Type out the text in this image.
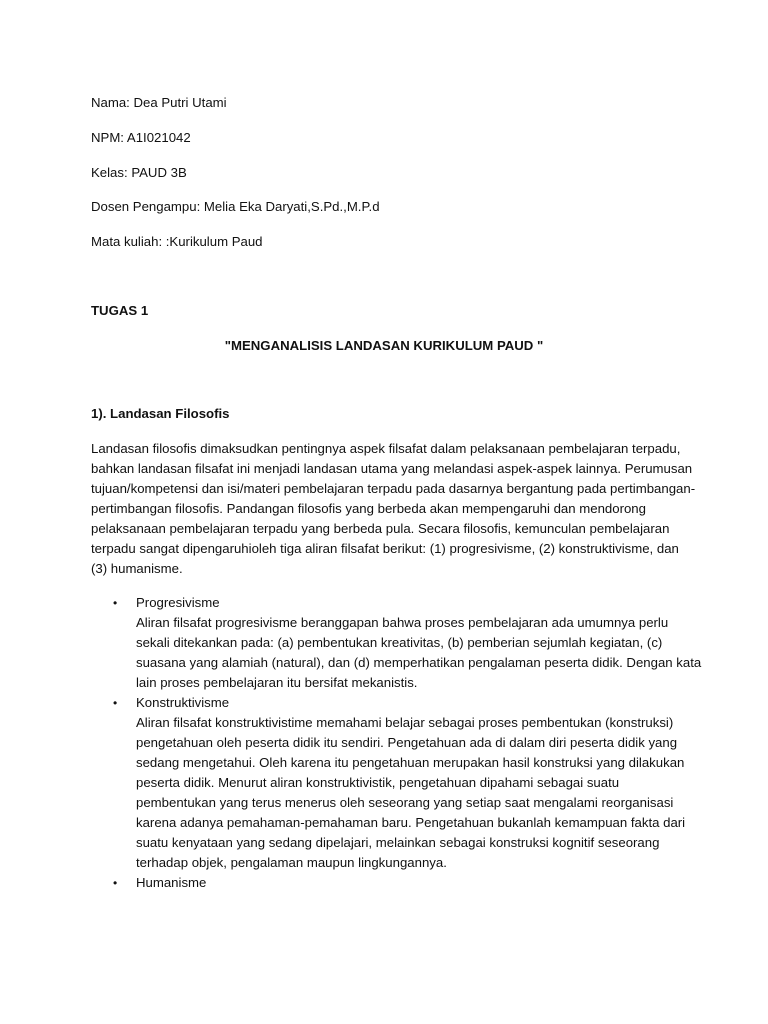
Nama: Dea Putri Utami
NPM: A1I021042
Kelas: PAUD 3B
Dosen Pengampu: Melia Eka Daryati,S.Pd.,M.P.d
Mata kuliah: :Kurikulum Paud
TUGAS 1
"MENGANALISIS LANDASAN KURIKULUM PAUD "
1). Landasan Filosofis
Landasan filosofis dimaksudkan pentingnya aspek filsafat dalam pelaksanaan pembelajaran terpadu,
bahkan landasan filsafat ini menjadi landasan utama yang melandasi aspek-aspek lainnya. Perumusan
tujuan/kompetensi dan isi/materi pembelajaran terpadu pada dasarnya bergantung pada pertimbangan-
pertimbangan filosofis. Pandangan filosofis yang berbeda akan mempengaruhi dan mendorong
pelaksanaan pembelajaran terpadu yang berbeda pula. Secara filosofis, kemunculan pembelajaran
terpadu sangat dipengaruhioleh tiga aliran filsafat berikut: (1) progresivisme, (2) konstruktivisme, dan
(3) humanisme.
• Progresivisme
Aliran filsafat progresivisme beranggapan bahwa proses pembelajaran ada umumnya perlu
sekali ditekankan pada: (a) pembentukan kreativitas, (b) pemberian sejumlah kegiatan, (c)
suasana yang alamiah (natural), dan (d) memperhatikan pengalaman peserta didik. Dengan kata
lain proses pembelajaran itu bersifat mekanistis.
• Konstruktivisme
Aliran filsafat konstruktivistime memahami belajar sebagai proses pembentukan (konstruksi)
pengetahuan oleh peserta didik itu sendiri. Pengetahuan ada di dalam diri peserta didik yang
sedang mengetahui. Oleh karena itu pengetahuan merupakan hasil konstruksi yang dilakukan
peserta didik. Menurut aliran konstruktivistik, pengetahuan dipahami sebagai suatu
pembentukan yang terus menerus oleh seseorang yang setiap saat mengalami reorganisasi
karena adanya pemahaman-pemahaman baru. Pengetahuan bukanlah kemampuan fakta dari
suatu kenyataan yang sedang dipelajari, melainkan sebagai konstruksi kognitif seseorang
terhadap objek, pengalaman maupun lingkungannya.
• Humanisme
